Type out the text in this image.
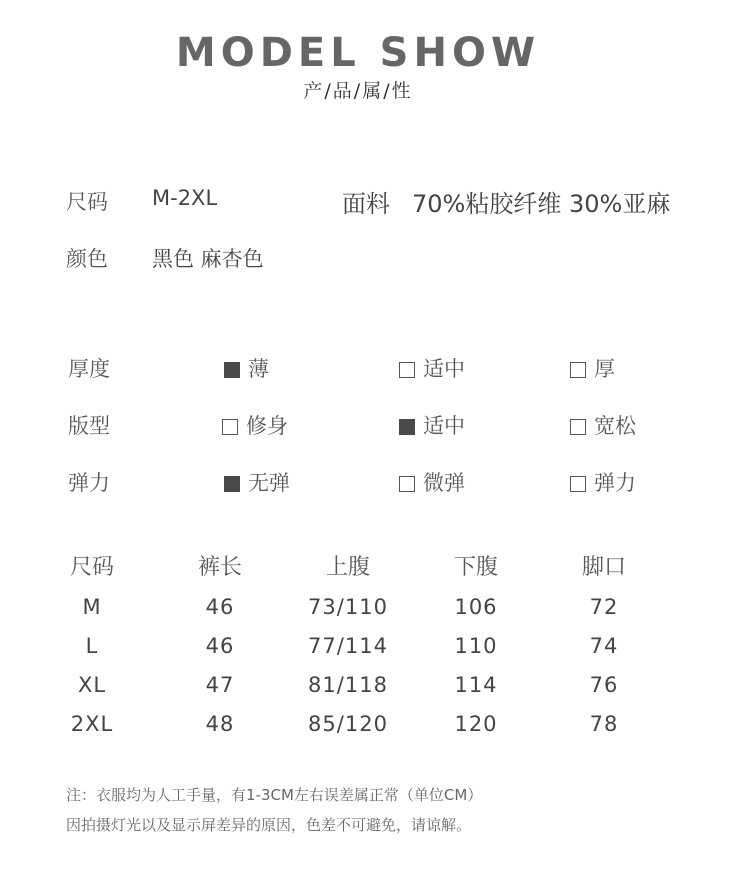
MODEL SHOW
产/品/属/性
尺码 M-2XL	面料 70%粘胶纤维 30%亚麻
颜色 黑色 麻杏色
厚度	薄	适中	厚
版型	修身	适中	宽松
弹力	无弹	微弹	弹力
尺码	裤长	上腹	下腹	脚口
M	46	73/110	106	72
L	46	77/114	110	74
XL	47	81/118	114	76
2XL	48	85/120	120	78
注：衣服均为人工手量，有1-3CM左右误差属正常（单位CM）
因拍摄灯光以及显示屏差异的原因，色差不可避免，请谅解。
